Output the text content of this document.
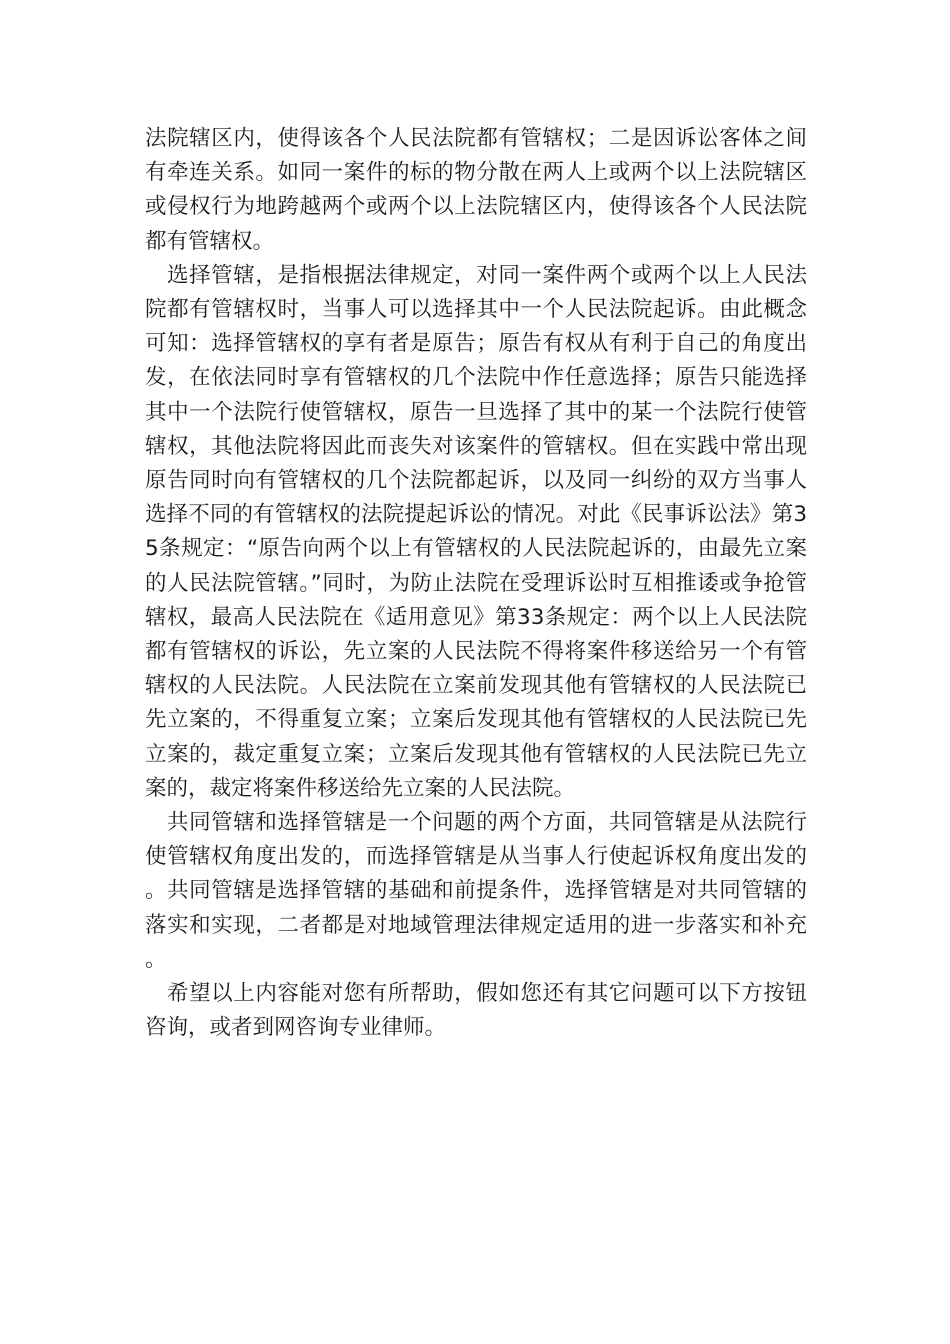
法院辖区内，使得该各个人民法院都有管辖权；二是因诉讼客体之间有牵连关系。如同一案件的标的物分散在两人上或两个以上法院辖区或侵权行为地跨越两个或两个以上法院辖区内，使得该各个人民法院都有管辖权。

选择管辖，是指根据法律规定，对同一案件两个或两个以上人民法院都有管辖权时，当事人可以选择其中一个人民法院起诉。由此概念可知：选择管辖权的享有者是原告；原告有权从有利于自己的角度出发，在依法同时享有管辖权的几个法院中作任意选择；原告只能选择其中一个法院行使管辖权，原告一旦选择了其中的某一个法院行使管辖权，其他法院将因此而丧失对该案件的管辖权。但在实践中常出现原告同时向有管辖权的几个法院都起诉，以及同一纠纷的双方当事人选择不同的有管辖权的法院提起诉讼的情况。对此《民事诉讼法》第35条规定：“原告向两个以上有管辖权的人民法院起诉的，由最先立案的人民法院管辖。”同时，为防止法院在受理诉讼时互相推诿或争抢管辖权，最高人民法院在《适用意见》第33条规定：两个以上人民法院都有管辖权的诉讼，先立案的人民法院不得将案件移送给另一个有管辖权的人民法院。人民法院在立案前发现其他有管辖权的人民法院已先立案的，不得重复立案；立案后发现其他有管辖权的人民法院已先立案的，裁定重复立案；立案后发现其他有管辖权的人民法院已先立案的，裁定将案件移送给先立案的人民法院。

共同管辖和选择管辖是一个问题的两个方面，共同管辖是从法院行使管辖权角度出发的，而选择管辖是从当事人行使起诉权角度出发的。共同管辖是选择管辖的基础和前提条件，选择管辖是对共同管辖的落实和实现，二者都是对地域管理法律规定适用的进一步落实和补充。

希望以上内容能对您有所帮助，假如您还有其它问题可以下方按钮咨询，或者到网咨询专业律师。
